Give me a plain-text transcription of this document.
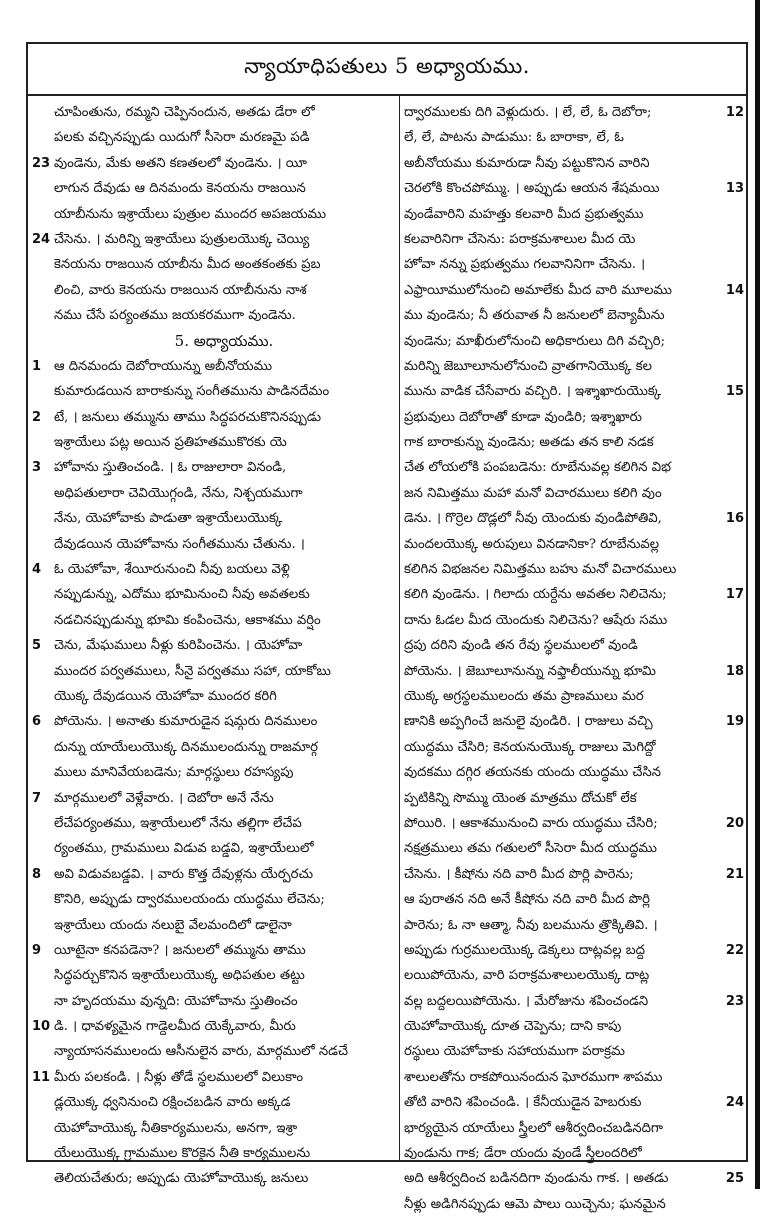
న్యాయాధిపతులు 5 అధ్యాయము.
చూపింతును, రమ్మని చెప్పినందున, అతడు డేరా లో
పలకు వచ్చినప్పుడు యిదుగో సీసెరా మరణమై పడి
23 వుండెను, మేకు అతని కణతలలో వుండెను. । యీ
లాగున దేవుడు ఆ దినమందు కెనయను రాజయిన
యాబీనును ఇశ్రాయేలు పుత్రుల ముందర అపజయము
24 చేసెను. । మరిన్ని ఇశ్రాయేలు పుత్రులయొక్క చెయ్యి
కెనయను రాజయిన యాబీను మీద అంతకంతకు ప్రబ
లించి, వారు కెనయను రాజయిన యాబీనును నాశ
నము చేసే పర్యంతము జయకరముగా వుండెను.
5. అధ్యాయము.
1 ఆ దినమందు దెబోరాయున్ను అబీనోయము
కుమారుడయిన బారాకున్ను సంగీతమును పాడినదేమం
2 టే, । జనులు తమ్మును తాము సిద్ధపరచుకొనినప్పుడు
ఇశ్రాయేలు పట్ల అయిన ప్రతిహతముకొరకు యె
3 హోవాను స్తుతించండి. । ఓ రాజులారా వినండి,
అధిపతులారా చెవియొగ్గండి, నేను, నిశ్చయముగా
నేను, యెహోవాకు పాడుతా ఇశ్రాయేలుయొక్క
దేవుడయిన యెహోవాను సంగీతమును చేతును. ।
4 ఓ యెహోవా, శేయీరునుంచి నీవు బయలు వెళ్లి
నప్పుడున్ను, ఎదోము భూమినుంచి నీవు అవతలకు
నడచినప్పుడున్ను భూమి కంపించెను, ఆకాశము వర్షిం
5 చెను, మేఘములు నీళ్లు కురిపించెను. । యెహోవా
ముందర పర్వతములు, సీనై పర్వతము సహా, యాకోబు
యొక్క దేవుడయిన యెహోవా ముందర కరిగి
6 పోయెను. । అనాతు కుమారుడైన షమ్గరు దినములం
దున్ను యాయేలుయొక్క దినములందున్ను రాజమార్గ
ములు మానివేయబడెను; మార్గస్థులు రహస్యపు
7 మార్గములలో వెళ్లేవారు. । దెబోరా అనే నేను
లేచేపర్యంతము, ఇశ్రాయేలులో నేను తల్లిగా లేచేప
ర్యంతము, గ్రామములు విడువ బడ్డవి, ఇశ్రాయేలులో
8 అవి విడువబడ్డవి. । వారు కొత్త దేవుళ్లను యేర్పరచు
కొనిరి, అప్పుడు ద్వారములయందు యుద్ధము లేచెను;
ఇశ్రాయేలు యందు నలుబై వేలమందిలో డాలైనా
9 యీటైనా కనపడెనా? । జనులలో తమ్మును తాము
సిద్ధపర్చుకొనిన ఇశ్రాయేలుయొక్క అధిపతుల తట్టు
నా హృదయము వున్నది: యెహోవాను స్తుతించం
10 డి. । ధావళ్యమైన గాడ్దెలమీద యెక్కేవారు, మీరు
న్యాయాసనములందు ఆసీనులైన వారు, మార్గములో నడచే
11 మీరు పలకండి. । నీళ్లు తోడే స్థలములలో విలుకాం
డ్లయొక్క ధ్వనినుంచి రక్షించబడిన వారు అక్కడ
యెహోవాయొక్క నీతికార్యములను, అనగా, ఇశ్రా
యేలుయొక్క గ్రామముల కొరకైన నీతి కార్యములను
తెలియచేతురు; అప్పుడు యెహోవాయొక్క జనులు
12
ద్వారములకు దిగి వెళ్లుదురు. । లే, లే, ఓ దెబోరా;
లే, లే, పాటను పాడుము: ఓ బారాకా, లే, ఓ
అబీనోయము కుమారుడా నీవు పట్టుకొనిన వారిని
13
చెరలోకి కొంచపోమ్ము. । అప్పుడు ఆయన శేషమయి
వుండేవారిని మహత్తు కలవారి మీద ప్రభుత్వము
కలవారినిగా చేసెను: పరాక్రమశాలుల మీద యె
హోవా నన్ను ప్రభుత్వము గలవానినిగా చేసెను. ।
14
ఎఫ్రాయీములోనుంచి అమాలేకు మీద వారి మూలము
ము వుండెను; నీ తరువాత నీ జనులలో బెన్యామీను
వుండెను; మాఖీరులోనుంచి అధికారులు దిగి వచ్చిరి;
మరిన్ని జెబూలూనులోనుంచి వ్రాతగానియొక్క కల
15
మును వాడిక చేసేవారు వచ్చిరి. । ఇశ్శాఖారుయొక్క
ప్రభువులు దెబోరాతో కూడా వుండిరి; ఇశ్శాఖారు
గాక బారాకున్ను వుండెను; అతడు తన కాలి నడక
చేత లోయలోకి పంపబడెను: రూబేనువల్ల కలిగిన విభ
జన నిమిత్తము మహా మనో విచారములు కలిగి వుం
16
డెను. । గొర్రెల దొడ్లలో నీవు యెందుకు వుండిపోతివి,
మందలయొక్క అరుపులు వినడానికా? రూబేనువల్ల
కలిగిన విభజనల నిమిత్తము బహు మనో విచారములు
17
కలిగి వుండెను. । గిలాదు యర్దేను అవతల నిలిచెను;
దాను ఓడల మీద యెందుకు నిలిచెను? ఆషేరు సము
ద్రపు దరిని వుండి తన రేవు స్థలములలో వుండి
18
పోయెను. । జెబూలూనున్ను నఫ్తాలీయున్ను భూమి
యొక్క అగ్రస్థలములందు తమ ప్రాణములు మర
19
ణానికి అప్పగించే జనులై వుండిరి. । రాజులు వచ్చి
యుద్ధము చేసిరి; కెనయనుయొక్క రాజులు మెగిద్దో
వుదకము దగ్గిర తయనకు యందు యుద్ధము చేసిన
ప్పటికిన్ని సొమ్ము యెంత మాత్రము దోచుకో లేక
20
పోయిరి. । ఆకాశమునుంచి వారు యుద్ధము చేసిరి;
నక్షత్రములు తమ గతులలో సీసెరా మీద యుద్ధము
21
చేసెను. । కీషోను నది వారి మీద పొర్లి పారెను;
ఆ పురాతన నది అనే కీషోను నది వారి మీద పొర్లి
పారెను; ఓ నా ఆత్మా, నీవు బలమును త్రొక్కితివి. ।
22
అప్పుడు గుర్రములయొక్క డెక్కలు దాట్లవల్ల బద్ద
లయిపోయెను, వారి పరాక్రమశాలులయొక్క దాట్ల
23
వల్ల బద్దలయిపోయెను. । మేరోజును శపించండని
యెహోవాయొక్క దూత చెప్పెను; దాని కాపు
రస్థులు యెహోవాకు సహాయముగా పరాక్రమ
శాలులతోను రాకపోయినందున ఘోరముగా శాపము
24
తోటి వారిని శపించండి. । కేనీయుడైన హెబరుకు
భార్యయైన యాయేలు స్త్రీలలో ఆశీర్వదించబడినదిగా
వుండును గాక; డేరా యందు వుండే స్త్రీలందరిలో
25
అది ఆశీర్వదించ బడినదిగా వుండును గాక. । అతడు
నీళ్లు అడిగినప్పుడు ఆమె పాలు యిచ్చెను; ఘనమైన
